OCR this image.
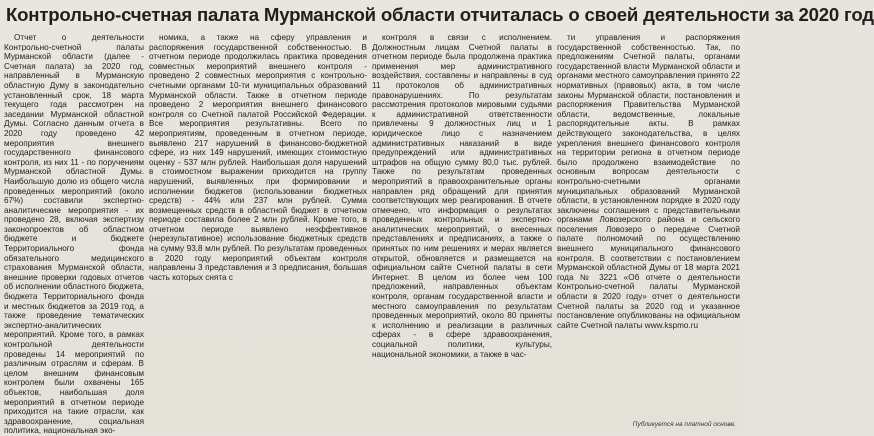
Контрольно-счетная палата Мурманской области отчиталась о своей деятельности за 2020 год

Отчет о деятельности Контрольно-счетной палаты Мурманской области (далее - Счетная палата) за 2020 год, направленный в Мурманскую областную Думу в законодательно установленный срок, 18 марта текущего года рассмотрен на заседании Мурманской областной Думы. Согласно данным отчета в 2020 году проведено 42 мероприятия внешнего государственного финансового контроля, из них 11 - по поручениям Мурманской областной Думы. Наибольшую долю из общего числа проведенных мероприятий (около 67%) составили экспертно-аналитические мероприятия - их проведено 28, включая экспертизу законопроектов об областном бюджете и бюджете Территориального фонда обязательного медицинского страхования Мурманской области, внешние проверки годовых отчетов об исполнении областного бюджета, бюджета Территориального фонда и местных бюджетов за 2019 год, а также проведение тематических экспертно-аналитических мероприятий. Кроме того, в рамках контрольной деятельности проведены 14 мероприятий по различным отраслям и сферам. В целом внешним финансовым контролем были охвачены 165 объектов, наибольшая доля мероприятий в отчетном периоде приходится на такие отрасли, как здравоохранение, социальная политика, национальная эко-

номика, а также на сферу управления и распоряжения государственной собственностью. В отчетном периоде продолжилась практика проведения совместных мероприятий внешнего контроля - проведено 2 совместных мероприятия с контрольно-счетными органами 10-ти муниципальных образований Мурманской области. Также в отчетном периоде проведено 2 мероприятия внешнего финансового контроля со Счетной палатой Российской Федерации. Все мероприятия результативны. Всего по мероприятиям, проведенным в отчетном периоде, выявлено 217 нарушений в финансово-бюджетной сфере, из них 149 нарушений, имеющих стоимостную оценку - 537 млн рублей. Наибольшая доля нарушений в стоимостном выражении приходится на группу нарушений, выявленных при формировании и исполнении бюджетов (использовании бюджетных средств) - 44% или 237 млн рублей. Сумма возмещенных средств в областной бюджет в отчетном периоде составила более 2 млн рублей. Кроме того, в отчетном периоде выявлено неэффективное (нерезультативное) использование бюджетных средств на сумму 93,8 млн рублей. По результатам проведенных в 2020 году мероприятий объектам контроля направлены 3 представления и 3 предписания, большая часть которых снята с

контроля в связи с исполнением. Должностным лицам Счетной палаты в отчетном периоде была продолжена практика применения мер административного воздействия, составлены и направлены в суд 11 протоколов об административных правонарушениях. По результатам рассмотрения протоколов мировыми судьями к административной ответственности привлечены 9 должностных лиц и 1 юридическое лицо с назначением административных наказаний в виде предупреждений или административных штрафов на общую сумму 80,0 тыс. рублей. Также по результатам проведенных мероприятий в правоохранительные органы направлен ряд обращений для принятия соответствующих мер реагирования. В отчете отмечено, что информация о результатах проведенных контрольных и экспертно-аналитических мероприятий, о внесенных представлениях и предписаниях, а также о принятых по ним решениях и мерах является открытой, обновляется и размещается на официальном сайте Счетной палаты в сети Интернет. В целом из более чем 100 предложений, направленных объектам контроля, органам государственной власти и местного самоуправления по результатам проведенных мероприятий, около 80 приняты к исполнению и реализации в различных сферах - в сфере здравоохранения, социальной политики, культуры, национальной экономики, а также в час-

ти управления и распоряжения государственной собственностью. Так, по предложениям Счетной палаты, органами государственной власти Мурманской области и органами местного самоуправления принято 22 нормативных (правовых) акта, в том числе законы Мурманской области, постановления и распоряжения Правительства Мурманской области, ведомственные, локальные распорядительные акты. В рамках действующего законодательства, в целях укрепления внешнего финансового контроля на территории региона в отчетном периоде было продолжено взаимодействие по основным вопросам деятельности с контрольно-счетными органами муниципальных образований Мурманской области, в установленном порядке в 2020 году заключены соглашения с представительными органами Ловозерского района и сельского поселения Ловозеро о передаче Счетной палате полномочий по осуществлению внешнего муниципального финансового контроля. В соответствии с постановлением Мурманской областной Думы от 18 марта 2021 года № 3221 «Об отчете о деятельности Контрольно-счетной палаты Мурманской области в 2020 году» отчет о деятельности Счетной палаты за 2020 год и указанное постановление опубликованы на официальном сайте Счетной палаты www.kspmo.ru

Публикуется на платной основе.
